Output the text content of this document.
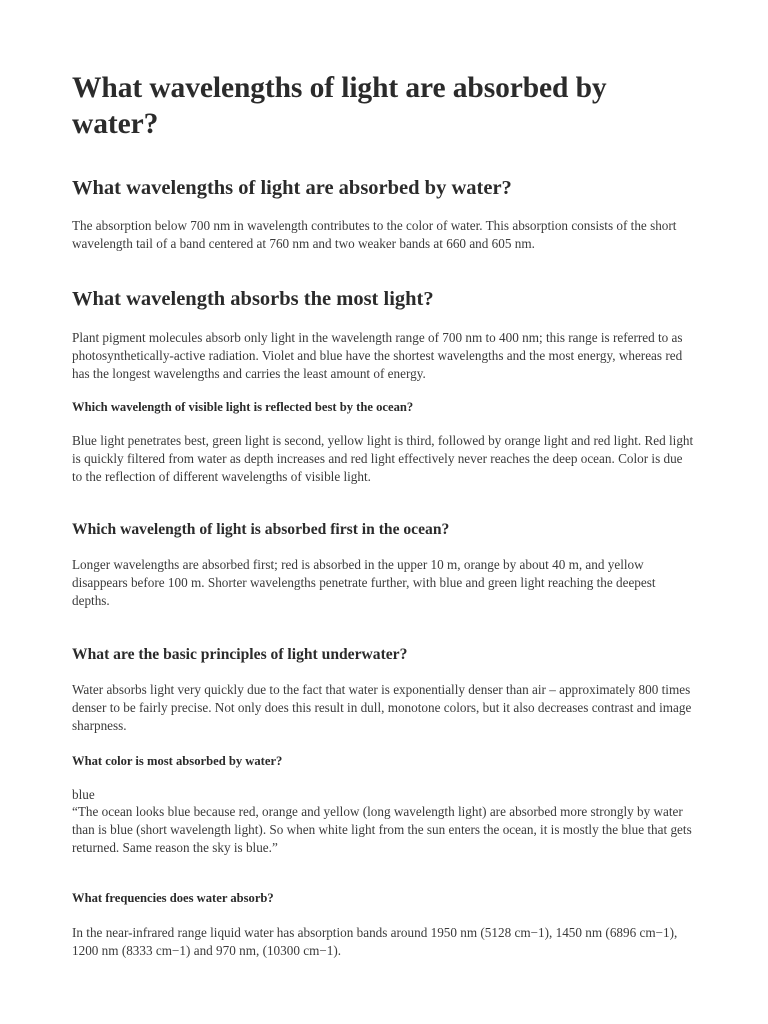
What wavelengths of light are absorbed by water?
What wavelengths of light are absorbed by water?

The absorption below 700 nm in wavelength contributes to the color of water. This absorption consists of the short wavelength tail of a band centered at 760 nm and two weaker bands at 660 and 605 nm.

What wavelength absorbs the most light?

Plant pigment molecules absorb only light in the wavelength range of 700 nm to 400 nm; this range is referred to as photosynthetically-active radiation. Violet and blue have the shortest wavelengths and the most energy, whereas red has the longest wavelengths and carries the least amount of energy.

Which wavelength of visible light is reflected best by the ocean?

Blue light penetrates best, green light is second, yellow light is third, followed by orange light and red light. Red light is quickly filtered from water as depth increases and red light effectively never reaches the deep ocean. Color is due to the reflection of different wavelengths of visible light.

Which wavelength of light is absorbed first in the ocean?

Longer wavelengths are absorbed first; red is absorbed in the upper 10 m, orange by about 40 m, and yellow disappears before 100 m. Shorter wavelengths penetrate further, with blue and green light reaching the deepest depths.

What are the basic principles of light underwater?

Water absorbs light very quickly due to the fact that water is exponentially denser than air – approximately 800 times denser to be fairly precise. Not only does this result in dull, monotone colors, but it also decreases contrast and image sharpness.

What color is most absorbed by water?

blue

“The ocean looks blue because red, orange and yellow (long wavelength light) are absorbed more strongly by water than is blue (short wavelength light). So when white light from the sun enters the ocean, it is mostly the blue that gets returned. Same reason the sky is blue.”

What frequencies does water absorb?

In the near-infrared range liquid water has absorption bands around 1950 nm (5128 cm−1), 1450 nm (6896 cm−1), 1200 nm (8333 cm−1) and 970 nm, (10300 cm−1).
